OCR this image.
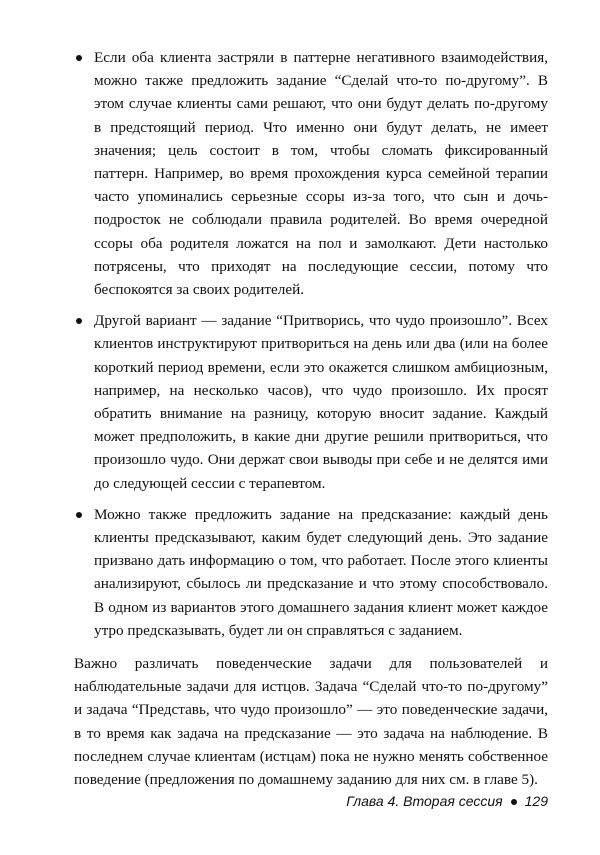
Если оба клиента застряли в паттерне негативного взаимодействия, можно также предложить задание “Сделай что-то по-другому”. В этом случае клиенты сами решают, что они будут делать по-другому в предстоящий период. Что именно они будут делать, не имеет значения; цель состоит в том, чтобы сломать фиксированный паттерн. Например, во время прохождения курса семейной терапии часто упоминались серьезные ссоры из-за того, что сын и дочь-подросток не соблюдали правила родителей. Во время очередной ссоры оба родителя ложатся на пол и замолкают. Дети настолько потрясены, что приходят на последующие сессии, потому что беспокоятся за своих родителей.
Другой вариант — задание “Притворись, что чудо произошло”. Всех клиентов инструктируют притвориться на день или два (или на более короткий период времени, если это окажется слишком амбициозным, например, на несколько часов), что чудо произошло. Их просят обратить внимание на разницу, которую вносит задание. Каждый может предположить, в какие дни другие решили притвориться, что произошло чудо. Они держат свои выводы при себе и не делятся ими до следующей сессии с терапевтом.
Можно также предложить задание на предсказание: каждый день клиенты предсказывают, каким будет следующий день. Это задание призвано дать информацию о том, что работает. После этого клиенты анализируют, сбылось ли предсказание и что этому способствовало. В одном из вариантов этого домашнего задания клиент может каждое утро предсказывать, будет ли он справляться с заданием.

Важно различать поведенческие задачи для пользователей и наблюдательные задачи для истцов. Задача “Сделай что-то по-другому” и задача “Представь, что чудо произошло” — это поведенческие задачи, в то время как задача на предсказание — это задача на наблюдение. В последнем случае клиентам (истцам) пока не нужно менять собственное поведение (предложения по домашнему заданию для них см. в главе 5).

Глава 4. Вторая сессия 129
